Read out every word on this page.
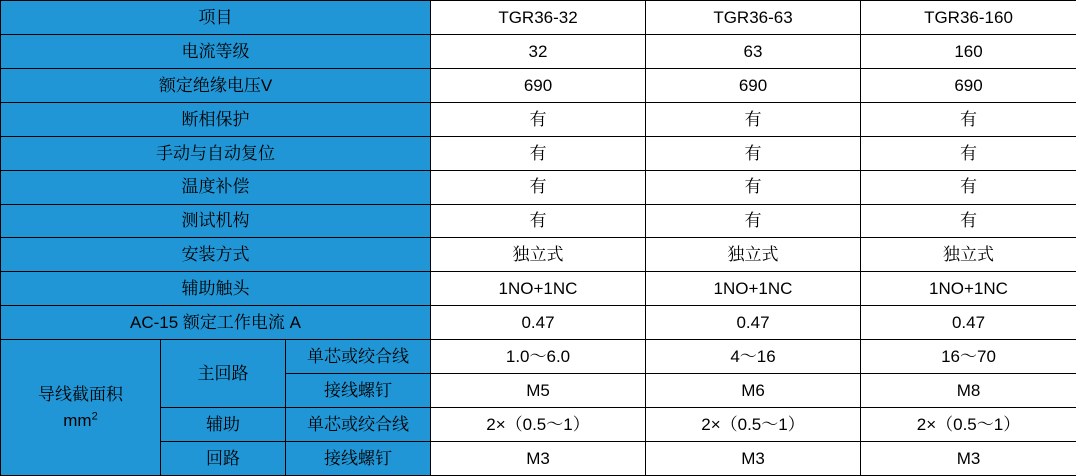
项目			TGR36-32	TGR36-63	TGR36-160
电流等级			32	63	160
额定绝缘电压V			690	690	690
断相保护			有	有	有
手动与自动复位			有	有	有
温度补偿			有	有	有
测试机构			有	有	有
安装方式			独立式	独立式	独立式
辅助触头			1NO+1NC	1NO+1NC	1NO+1NC
AC-15 额定工作电流 A			0.47	0.47	0.47

导线截面积
$mm^2$	主回路	单芯或绞合线	1.0～6.0	4～16	16～70
		接线螺钉	M5	M6	M8
	辅助	单芯或绞合线	2×（0.5～1）	2×（0.5～1）	2×（0.5～1）
	回路	接线螺钉	M3	M3	M3
